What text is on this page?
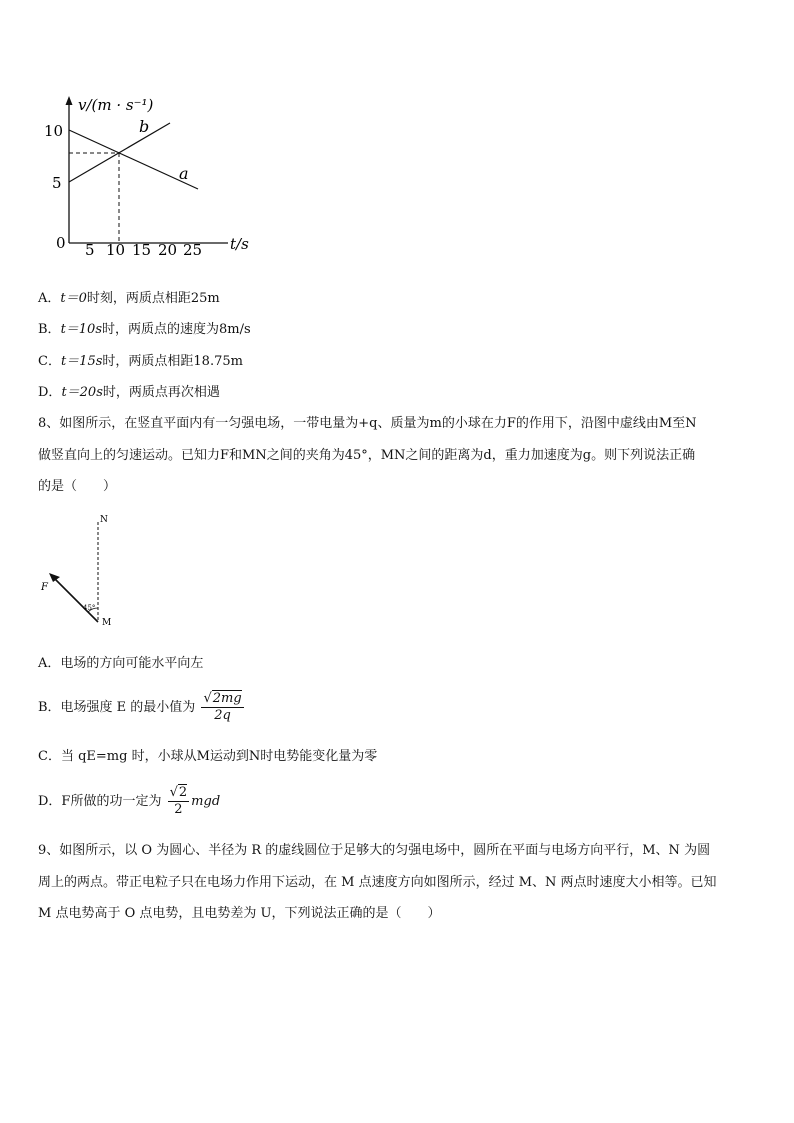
v/(m · s⁻¹)
10
5
0 5 10 15 20 25 t/s
a
b
A．t＝0时刻，两质点相距25m
B．t＝10s时，两质点的速度为8m/s
C．t＝15s时，两质点相距18.75m
D．t＝20s时，两质点再次相遇
8、如图所示，在竖直平面内有一匀强电场，一带电量为+q、质量为m的小球在力F的作用下，沿图中虚线由M至N
做竖直向上的匀速运动。已知力F和MN之间的夹角为45°，MN之间的距离为d，重力加速度为g。则下列说法正确
的是（　　）
N
F
M
45°
A．电场的方向可能水平向左
B．电场强度 E 的最小值为 $\frac{√2mg}{2q}$
C．当 qE=mg 时，小球从M运动到N时电势能变化量为零
D．F所做的功一定为 $\frac{√2}{2}$ mgd
9、如图所示，以 O 为圆心、半径为 R 的虚线圆位于足够大的匀强电场中，圆所在平面与电场方向平行，M、N 为圆
周上的两点。带正电粒子只在电场力作用下运动，在 M 点速度方向如图所示，经过 M、N 两点时速度大小相等。已知
M 点电势高于 O 点电势，且电势差为 U，下列说法正确的是（　　）
